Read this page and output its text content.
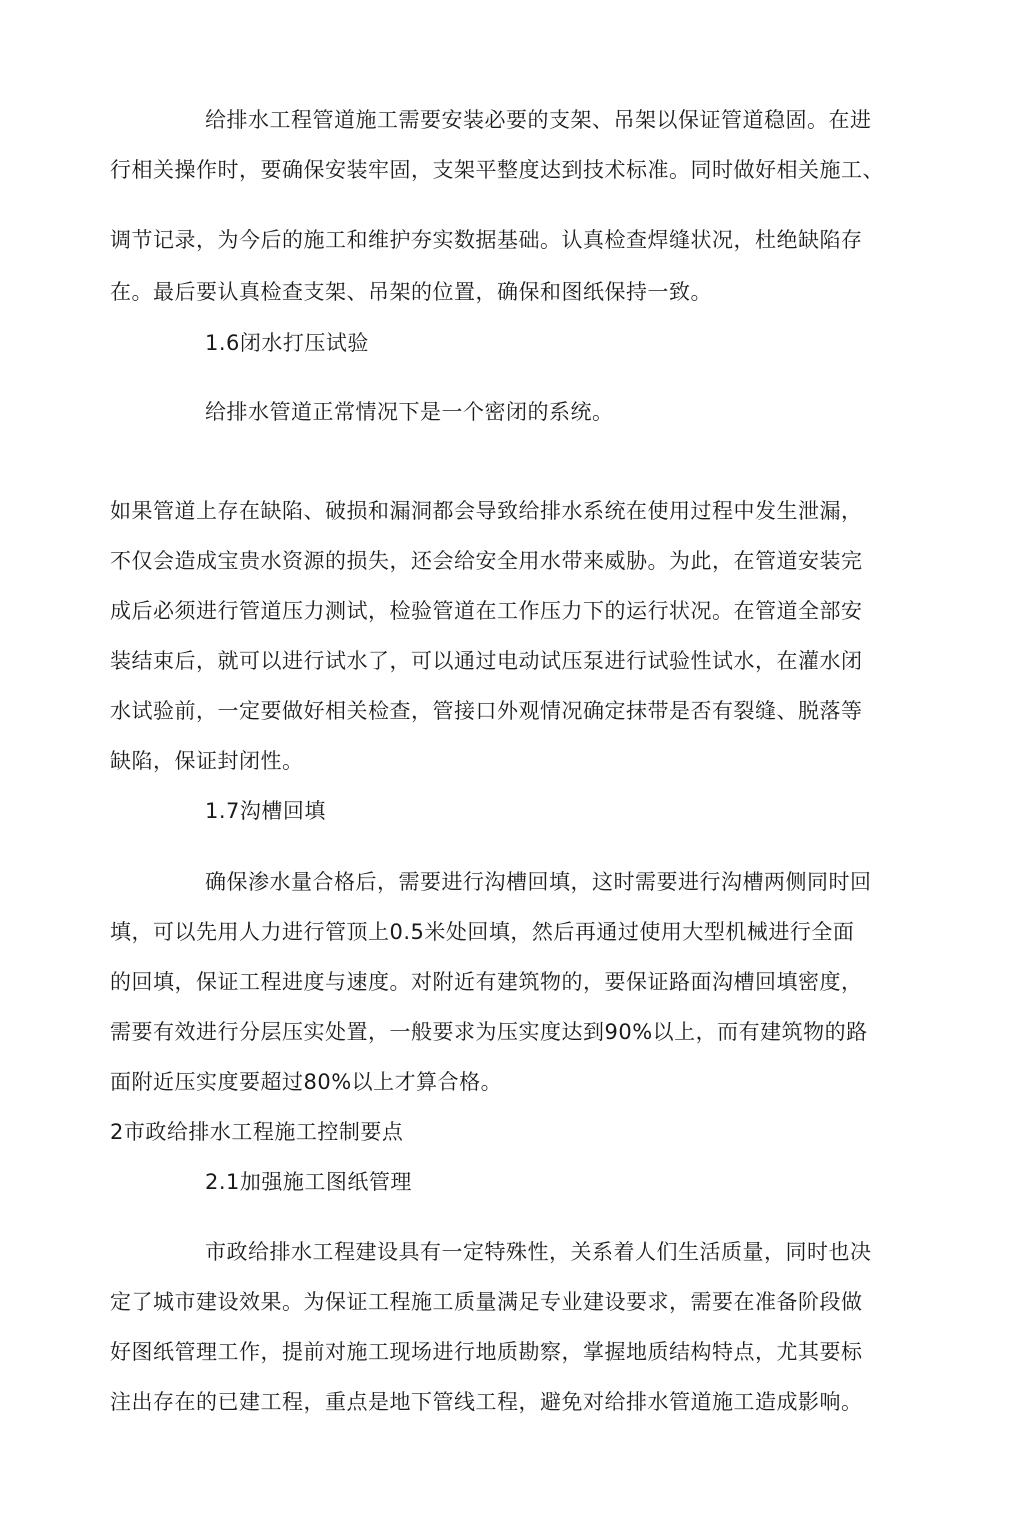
给排水工程管道施工需要安装必要的支架、吊架以保证管道稳固。在进
行相关操作时，要确保安装牢固，支架平整度达到技术标准。同时做好相关施工、
调节记录，为今后的施工和维护夯实数据基础。认真检查焊缝状况，杜绝缺陷存
在。最后要认真检查支架、吊架的位置，确保和图纸保持一致。
1.6闭水打压试验
给排水管道正常情况下是一个密闭的系统。
如果管道上存在缺陷、破损和漏洞都会导致给排水系统在使用过程中发生泄漏，
不仅会造成宝贵水资源的损失，还会给安全用水带来威胁。为此，在管道安装完
成后必须进行管道压力测试，检验管道在工作压力下的运行状况。在管道全部安
装结束后，就可以进行试水了，可以通过电动试压泵进行试验性试水，在灌水闭
水试验前，一定要做好相关检查，管接口外观情况确定抹带是否有裂缝、脱落等
缺陷，保证封闭性。
1.7沟槽回填
确保渗水量合格后，需要进行沟槽回填，这时需要进行沟槽两侧同时回
填，可以先用人力进行管顶上0.5米处回填，然后再通过使用大型机械进行全面
的回填，保证工程进度与速度。对附近有建筑物的，要保证路面沟槽回填密度，
需要有效进行分层压实处置，一般要求为压实度达到90%以上，而有建筑物的路
面附近压实度要超过80%以上才算合格。
2市政给排水工程施工控制要点
2.1加强施工图纸管理
市政给排水工程建设具有一定特殊性，关系着人们生活质量，同时也决
定了城市建设效果。为保证工程施工质量满足专业建设要求，需要在准备阶段做
好图纸管理工作，提前对施工现场进行地质勘察，掌握地质结构特点，尤其要标
注出存在的已建工程，重点是地下管线工程，避免对给排水管道施工造成影响。
